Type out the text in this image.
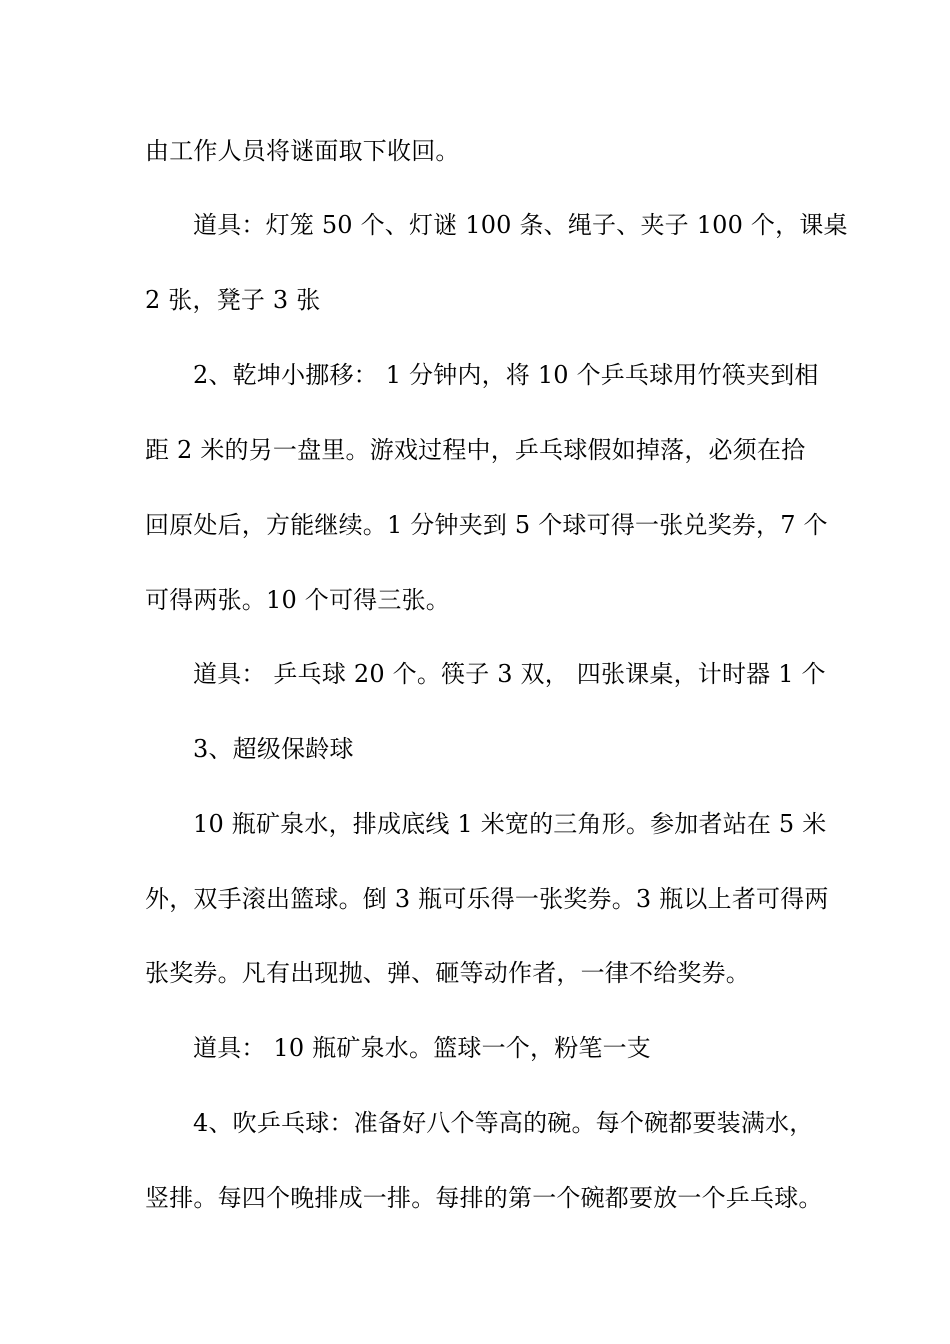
由工作人员将谜面取下收回。
道具：灯笼 50 个、灯谜 100 条、绳子、夹子 100 个，课桌
2 张，凳子 3 张
2、乾坤小挪移： 1 分钟内，将 10 个乒乓球用竹筷夹到相
距 2 米的另一盘里。游戏过程中，乒乓球假如掉落，必须在拾
回原处后，方能继续。1 分钟夹到 5 个球可得一张兑奖券，7 个
可得两张。10 个可得三张。
道具： 乒乓球 20 个。筷子 3 双， 四张课桌，计时器 1 个
3、超级保龄球
10 瓶矿泉水，排成底线 1 米宽的三角形。参加者站在 5 米
外，双手滚出篮球。倒 3 瓶可乐得一张奖券。3 瓶以上者可得两
张奖券。凡有出现抛、弹、砸等动作者，一律不给奖券。
道具： 10 瓶矿泉水。篮球一个，粉笔一支
4、吹乒乓球：准备好八个等高的碗。每个碗都要装满水，
竖排。每四个晚排成一排。每排的第一个碗都要放一个乒乓球。
